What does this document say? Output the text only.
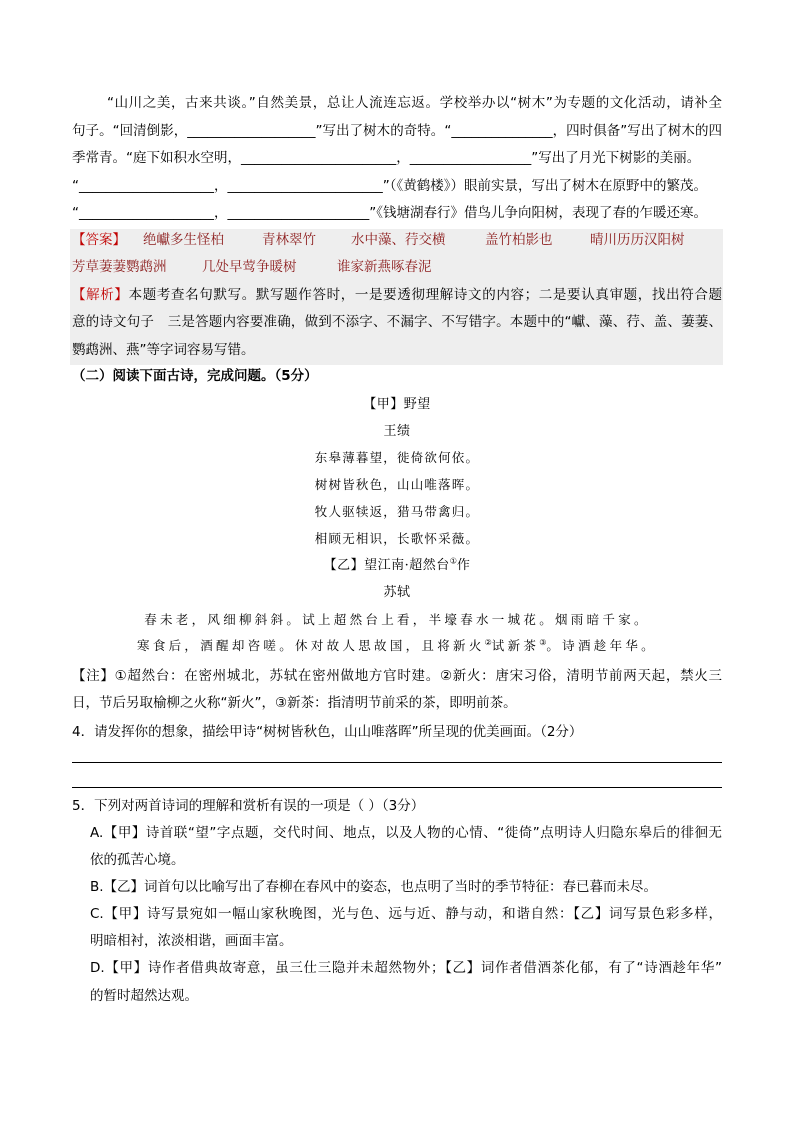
“山川之美，古来共谈。”自然美景，总让人流连忘返。学校举办以“树木”为专题的文化活动，请补全
句子。“回清倒影，___________________”写出了树木的奇特。“_______________，四时俱备”写出了树木的四
季常青。“庭下如积水空明，_______________________，__________________”写出了月光下树影的美丽。
“____________________，_______________________”（《黄鹤楼》）眼前实景，写出了树木在原野中的繁茂。
“____________________，_____________________”《钱塘湖春行》借鸟儿争向阳树，表现了春的乍暖还寒。
【答案】 绝巘多生怪柏	青林翠竹	水中藻、荇交横	盖竹柏影也	晴川历历汉阳树
芳草萋萋鹦鹉洲	几处早莺争暖树	谁家新燕啄春泥
【解析】本题考查名句默写。默写题作答时，一是要透彻理解诗文的内容；二是要认真审题，找出符合题
意的诗文句子　三是答题内容要准确，做到不添字、不漏字、不写错字。本题中的“巘、藻、荇、盖、萋萋、
鹦鹉洲、燕”等字词容易写错。
（二）阅读下面古诗，完成问题。（5分）
【甲】野望
王绩
东皋薄暮望，徙倚欲何依。
树树皆秋色，山山唯落晖。
牧人驱犊返，猎马带禽归。
相顾无相识，长歌怀采薇。
【乙】望江南·超然台①作
苏轼
春未老，风细柳斜斜。试上超然台上看，半壕春水一城花。烟雨暗千家。
寒食后，酒醒却咨嗟。休对故人思故国，且将新火②试新茶③。诗酒趁年华。
【注】①超然台：在密州城北，苏轼在密州做地方官时建。②新火：唐宋习俗，清明节前两天起，禁火三
日，节后另取榆柳之火称“新火”，③新茶：指清明节前采的茶，即明前茶。
4．请发挥你的想象，描绘甲诗“树树皆秋色，山山唯落晖”所呈现的优美画面。（2分）
5．下列对两首诗词的理解和赏析有误的一项是（ ）（3分）
A.【甲】诗首联“望”字点题，交代时间、地点，以及人物的心情、“徙倚”点明诗人归隐东皋后的徘徊无
依的孤苦心境。
B.【乙】词首句以比喻写出了春柳在春风中的姿态，也点明了当时的季节特征：春已暮而未尽。
C.【甲】诗写景宛如一幅山家秋晚图，光与色、远与近、静与动，和谐自然：【乙】词写景色彩多样，
明暗相衬，浓淡相谐，画面丰富。
D.【甲】诗作者借典故寄意，虽三仕三隐并未超然物外；【乙】词作者借酒茶化郁，有了“诗酒趁年华”
的暂时超然达观。
